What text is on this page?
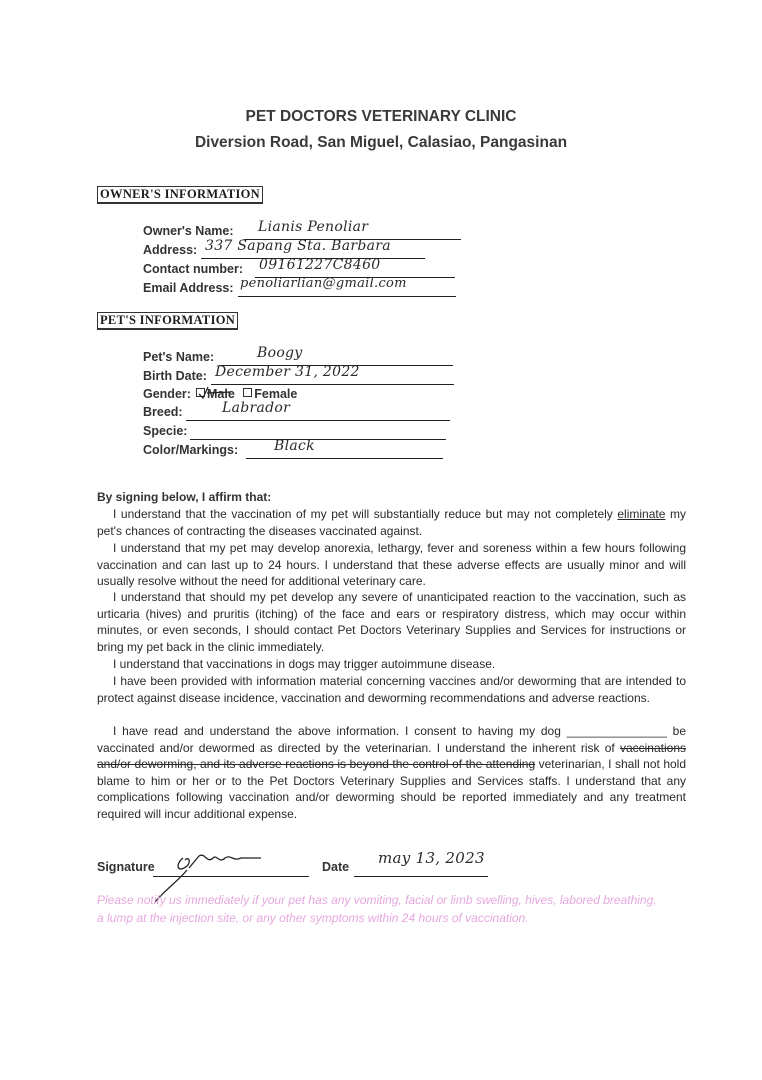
PET DOCTORS VETERINARY CLINIC
Diversion Road, San Miguel, Calasiao, Pangasinan
OWNER'S INFORMATION
Owner's Name: Lianis Penoliar
Address: 337 Sapang Sta. Barbara
Contact number: 09161227C8460
Email Address: penoliarlian@gmail.com
PET'S INFORMATION
Pet's Name:	Boogy
Birth Date: December 31, 2022
Gender:	Male Female
Breed:	Labrador
Specie:
Color/Markings:	Black
By signing below, I affirm that:
I understand that the vaccination of my pet will substantially reduce but may not completely eliminate my pet's chances of contracting the diseases vaccinated against.
I understand that my pet may develop anorexia, lethargy, fever and soreness within a few hours following vaccination and can last up to 24 hours. I understand that these adverse effects are usually minor and will usually resolve without the need for additional veterinary care.
I understand that should my pet develop any severe of unanticipated reaction to the vaccination, such as urticaria (hives) and pruritis (itching) of the face and ears or respiratory distress, which may occur within minutes, or even seconds, I should contact Pet Doctors Veterinary Supplies and Services for instructions or bring my pet back in the clinic immediately.
I understand that vaccinations in dogs may trigger autoimmune disease.
I have been provided with information material concerning vaccines and/or deworming that are intended to protect against disease incidence, vaccination and deworming recommendations and adverse reactions.
I have read and understand the above information. I consent to having my dog _______________ be vaccinated and/or dewormed as directed by the veterinarian. I understand the inherent risk of vaccinations and/or deworming, and its adverse reactions is beyond the control of the attending veterinarian, I shall not hold blame to him or her or to the Pet Doctors Veterinary Supplies and Services staffs. I understand that any complications following vaccination and/or deworming should be reported immediately and any treatment required will incur additional expense.
Signature	Date may 13, 2023
Please notify us immediately if your pet has any vomiting, facial or limb swelling, hives, labored breathing, a lump at the injection site, or any other symptoms within 24 hours of vaccination.
